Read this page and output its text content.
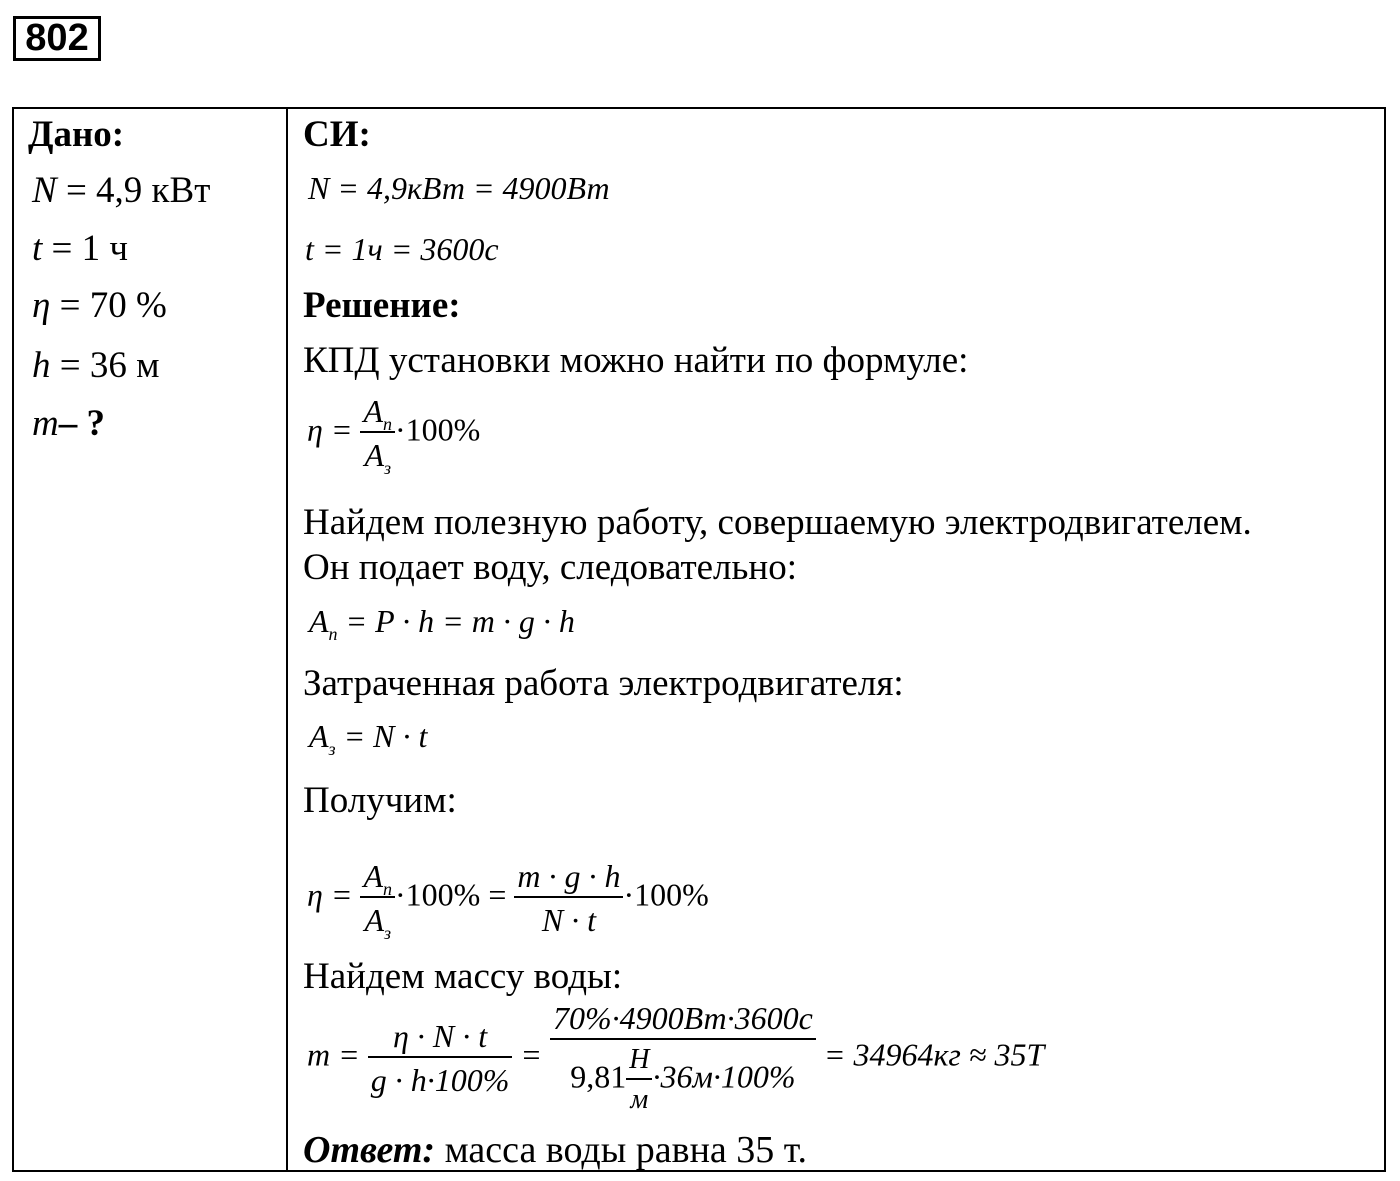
802
Дано:
N = 4,9 кВт
t = 1 ч
η = 70 %
h = 36 м
m– ?
СИ:
N = 4,9кВт = 4900Вт
t = 1ч = 3600с
Решение:
КПД установки можно найти по формуле:
$\eta = \frac{A_п}{A_з} \cdot 100\%$
Найдем полезную работу, совершаемую электродвигателем.
Он подает воду, следовательно:
$A_п = P \cdot h = m \cdot g \cdot h$
Затраченная работа электродвигателя:
$A_з = N \cdot t$
Получим:
$\eta = \frac{A_п}{A_з} \cdot 100\% = \frac{m \cdot g \cdot h}{N \cdot t} \cdot 100\%$
Найдем массу воды:
$m = \frac{\eta \cdot N \cdot t}{g \cdot h\cdot 100\%} = \frac{70\%\cdot 4900Вт\cdot 3600с}{9,81 \frac{Н}{м} \cdot 36м\cdot 100\%} = 34964кг \approx 35Т$
Ответ: масса воды равна 35 т.
